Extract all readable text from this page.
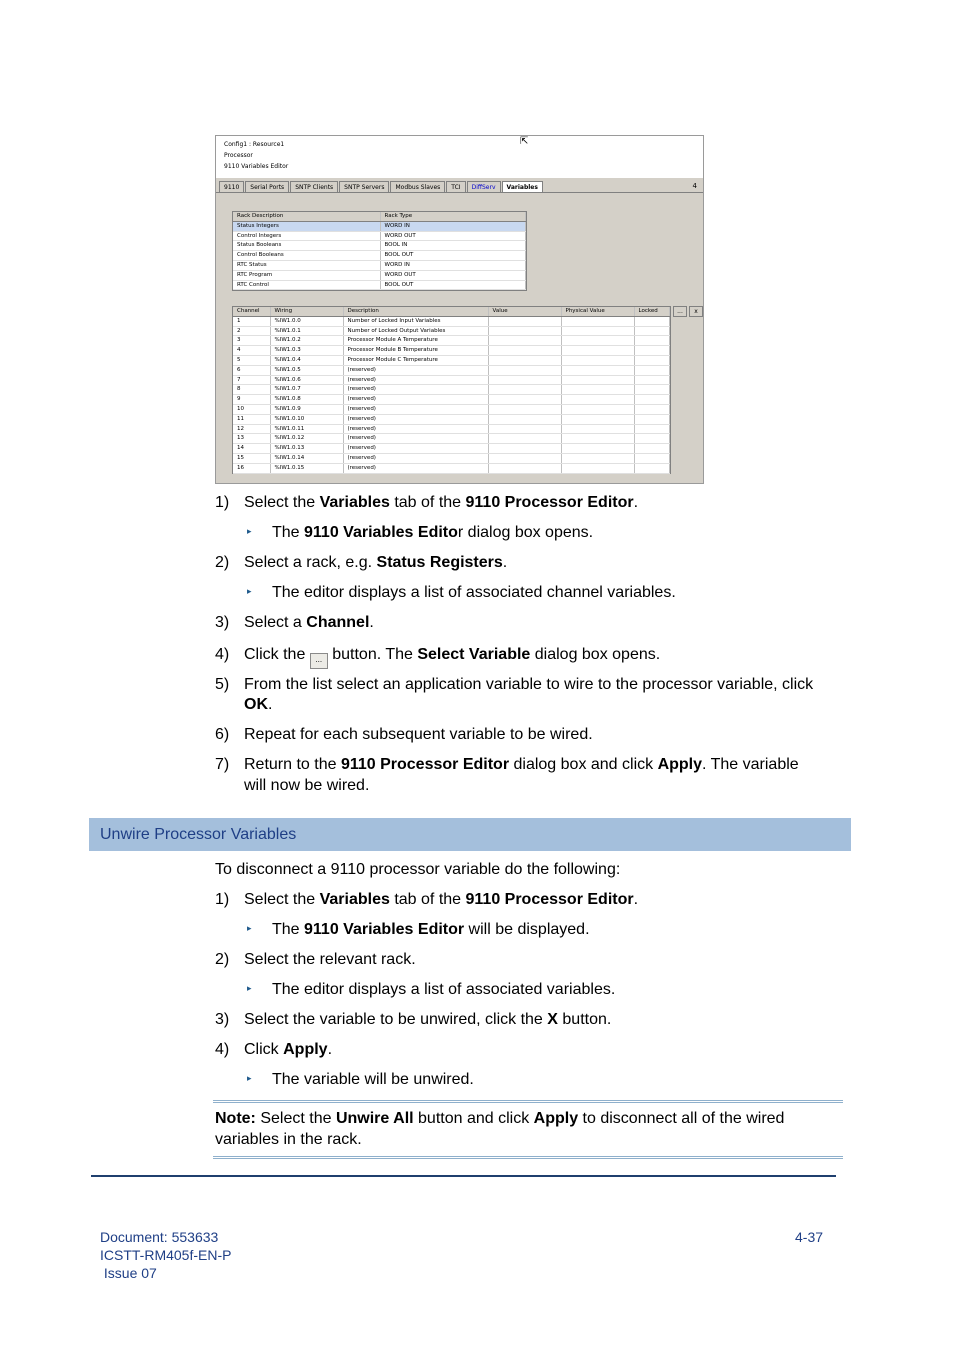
Config1 : Resource1
Processor
9110 Variables Editor
⇱
9110	Serial Ports	SNTP Clients	SNTP Servers	Modbus Slaves	TCI	DiffServ	Variables	4
Rack Description	Rack Type
Status Integers	WORD IN
Control Integers	WORD OUT
Status Booleans	BOOL IN
Control Booleans	BOOL OUT
RTC Status	WORD IN
RTC Program	WORD OUT
RTC Control	BOOL OUT
Channel	Wiring	Description	Value	Physical Value	Locked
1	%IW1.0.0	Number of Locked Input Variables			
2	%IW1.0.1	Number of Locked Output Variables			
3	%IW1.0.2	Processor Module A Temperature			
4	%IW1.0.3	Processor Module B Temperature			
5	%IW1.0.4	Processor Module C Temperature			
6	%IW1.0.5	(reserved)			
7	%IW1.0.6	(reserved)			
8	%IW1.0.7	(reserved)			
9	%IW1.0.8	(reserved)			
10	%IW1.0.9	(reserved)			
11	%IW1.0.10	(reserved)			
12	%IW1.0.11	(reserved)			
13	%IW1.0.12	(reserved)			
14	%IW1.0.13	(reserved)			
15	%IW1.0.14	(reserved)			
16	%IW1.0.15	(reserved)			
...	x
1) Select the Variables tab of the 9110 Processor Editor.
▸ The 9110 Variables Editor dialog box opens.
2) Select a rack, e.g. Status Registers.
▸ The editor displays a list of associated channel variables.
3) Select a Channel.
4) Click the ... button. The Select Variable dialog box opens.
5) From the list select an application variable to wire to the processor variable, click
OK.
6) Repeat for each subsequent variable to be wired.
7) Return to the 9110 Processor Editor dialog box and click Apply. The variable
will now be wired.
Unwire Processor Variables
To disconnect a 9110 processor variable do the following:
1) Select the Variables tab of the 9110 Processor Editor.
▸ The 9110 Variables Editor will be displayed.
2) Select the relevant rack.
▸ The editor displays a list of associated variables.
3) Select the variable to be unwired, click the X button.
4) Click Apply.
▸ The variable will be unwired.
Note: Select the Unwire All button and click Apply to disconnect all of the wired
variables in the rack.
Document: 553633
ICSTT-RM405f-EN-P
Issue 07
4-37
